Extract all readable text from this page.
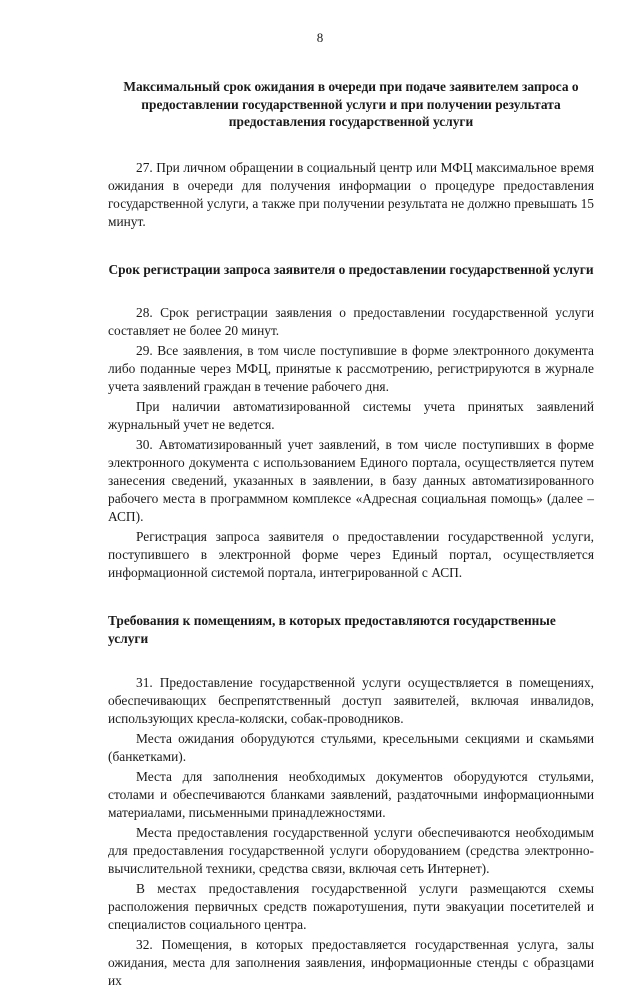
8

Максимальный срок ожидания в очереди при подаче заявителем запроса о предоставлении государственной услуги и при получении результата предоставления государственной услуги

27. При личном обращении в социальный центр или МФЦ максимальное время ожидания в очереди для получения информации о процедуре предоставления государственной услуги, а также при получении результата не должно превышать 15 минут.

Срок регистрации запроса заявителя о предоставлении государственной услуги

28. Срок регистрации заявления о предоставлении государственной услуги составляет не более 20 минут.

29. Все заявления, в том числе поступившие в форме электронного документа либо поданные через МФЦ, принятые к рассмотрению, регистрируются в журнале учета заявлений граждан в течение рабочего дня.

При наличии автоматизированной системы учета принятых заявлений журнальный учет не ведется.

30. Автоматизированный учет заявлений, в том числе поступивших в форме электронного документа с использованием Единого портала, осуществляется путем занесения сведений, указанных в заявлении, в базу данных автоматизированного рабочего места в программном комплексе «Адресная социальная помощь» (далее – АСП).

Регистрация запроса заявителя о предоставлении государственной услуги, поступившего в электронной форме через Единый портал, осуществляется информационной системой портала, интегрированной с АСП.

Требования к помещениям, в которых предоставляются государственные услуги

31. Предоставление государственной услуги осуществляется в помещениях, обеспечивающих беспрепятственный доступ заявителей, включая инвалидов, использующих кресла-коляски, собак-проводников.

Места ожидания оборудуются стульями, кресельными секциями и скамьями (банкетками).

Места для заполнения необходимых документов оборудуются стульями, столами и обеспечиваются бланками заявлений, раздаточными информационными материалами, письменными принадлежностями.

Места предоставления государственной услуги обеспечиваются необходимым для предоставления государственной услуги оборудованием (средства электронно-вычислительной техники, средства связи, включая сеть Интернет).

В местах предоставления государственной услуги размещаются схемы расположения первичных средств пожаротушения, пути эвакуации посетителей и специалистов социального центра.

32. Помещения, в которых предоставляется государственная услуга, залы ожидания, места для заполнения заявления, информационные стенды с образцами их
